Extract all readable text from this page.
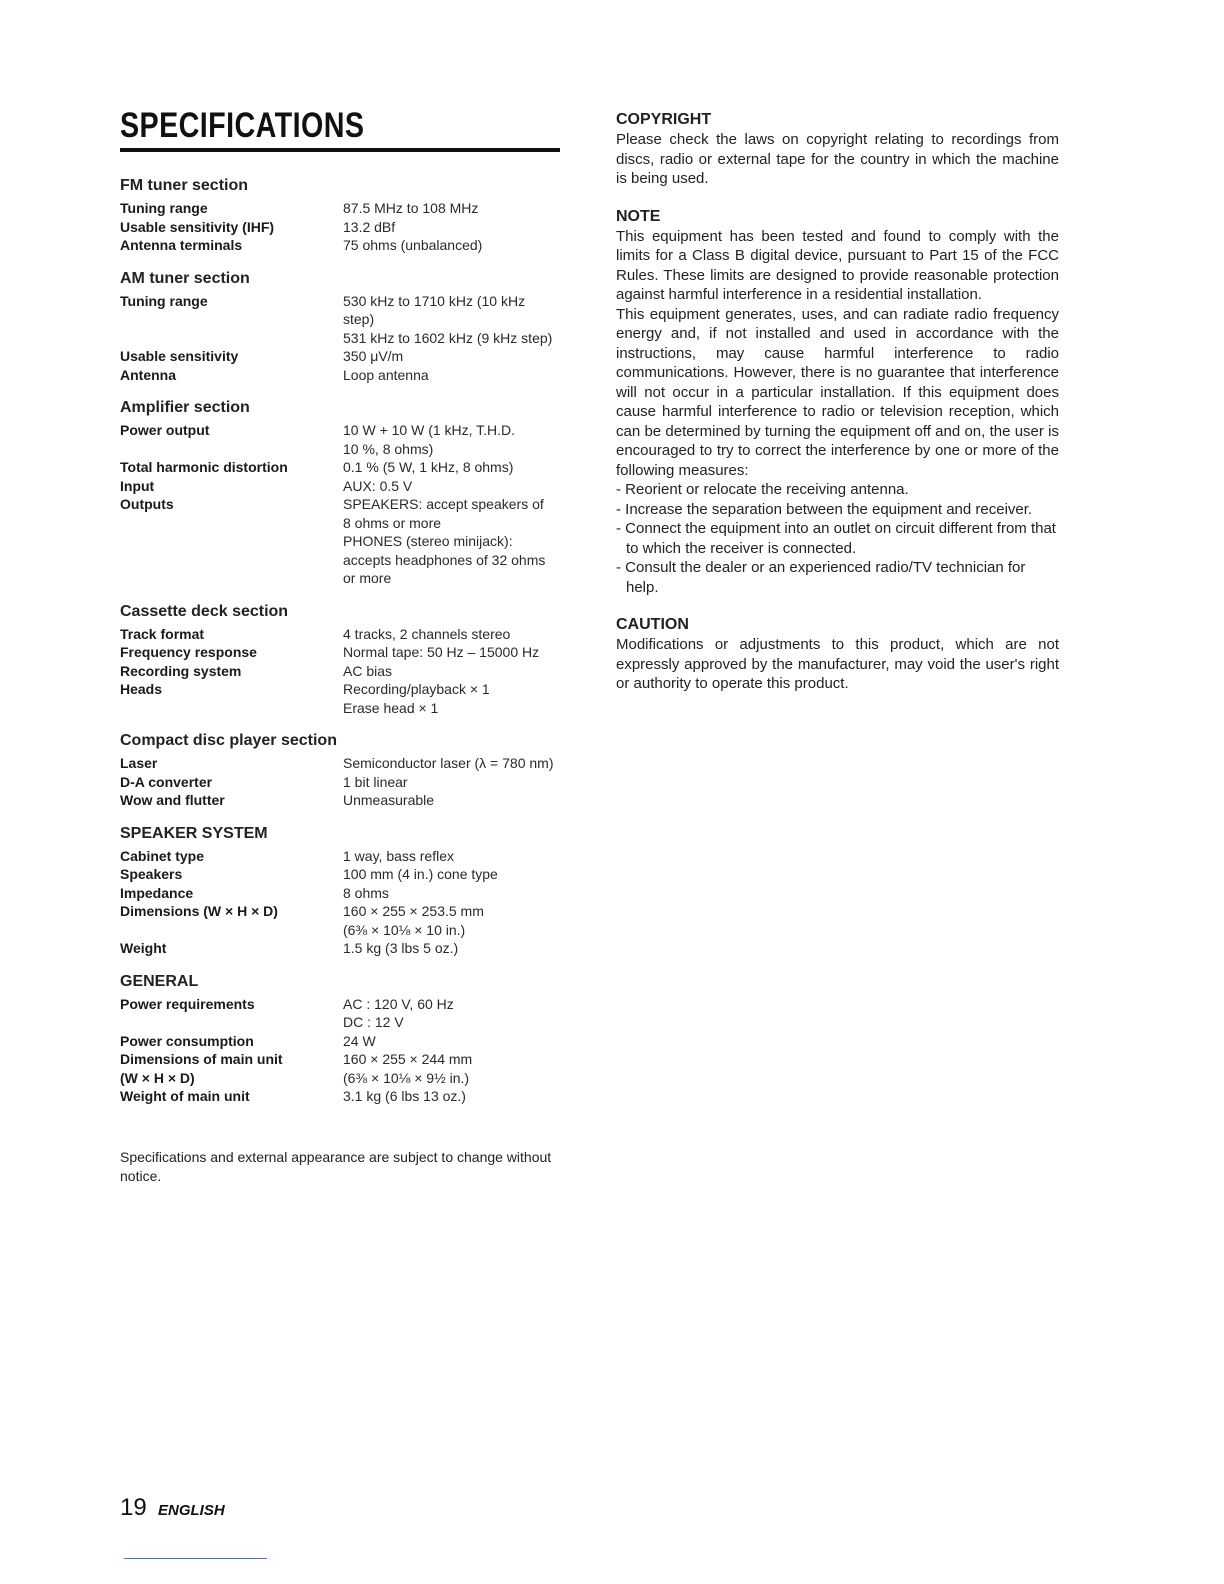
SPECIFICATIONS
FM tuner section
Tuning range	87.5 MHz to 108 MHz
Usable sensitivity (IHF)	13.2 dBf
Antenna terminals	75 ohms (unbalanced)
AM tuner section
Tuning range	530 kHz to 1710 kHz (10 kHz
step)
531 kHz to 1602 kHz (9 kHz step)
Usable sensitivity	350 μV/m
Antenna	Loop antenna
Amplifier section
Power output	10 W + 10 W (1 kHz, T.H.D.
10 %, 8 ohms)
Total harmonic distortion	0.1 % (5 W, 1 kHz, 8 ohms)
Input	AUX: 0.5 V
Outputs	SPEAKERS: accept speakers of
8 ohms or more
PHONES (stereo minijack):
accepts headphones of 32 ohms
or more
Cassette deck section
Track format	4 tracks, 2 channels stereo
Frequency response	Normal tape: 50 Hz – 15000 Hz
Recording system	AC bias
Heads	Recording/playback × 1
Erase head × 1
Compact disc player section
Laser	Semiconductor laser (λ = 780 nm)
D-A converter	1 bit linear
Wow and flutter	Unmeasurable
SPEAKER SYSTEM
Cabinet type	1 way, bass reflex
Speakers	100 mm (4 in.) cone type
Impedance	8 ohms
Dimensions (W × H × D)	160 × 255 × 253.5 mm
(6⅜ × 10⅛ × 10 in.)
Weight	1.5 kg (3 lbs 5 oz.)
GENERAL
Power requirements	AC : 120 V, 60 Hz
DC : 12 V
Power consumption	24 W
Dimensions of main unit	160 × 255 × 244 mm
(W × H × D)	(6⅜ × 10⅛ × 9½ in.)
Weight of main unit	3.1 kg (6 lbs 13 oz.)
Specifications and external appearance are subject to change without notice.

COPYRIGHT

Please check the laws on copyright relating to recordings from discs, radio or external tape for the country in which the machine is being used.

NOTE

This equipment has been tested and found to comply with the limits for a Class B digital device, pursuant to Part 15 of the FCC Rules. These limits are designed to provide reasonable protection against harmful interference in a residential installation.

This equipment generates, uses, and can radiate radio frequency energy and, if not installed and used in accordance with the instructions, may cause harmful interference to radio communications. However, there is no guarantee that interference will not occur in a particular installation. If this equipment does cause harmful interference to radio or television reception, which can be determined by turning the equipment off and on, the user is encouraged to try to correct the interference by one or more of the following measures:

- Reorient or relocate the receiving antenna.
- Increase the separation between the equipment and receiver.
- Connect the equipment into an outlet on circuit different from that to which the receiver is connected.
- Consult the dealer or an experienced radio/TV technician for help.

CAUTION

Modifications or adjustments to this product, which are not expressly approved by the manufacturer, may void the user's right or authority to operate this product.

19 ENGLISH
